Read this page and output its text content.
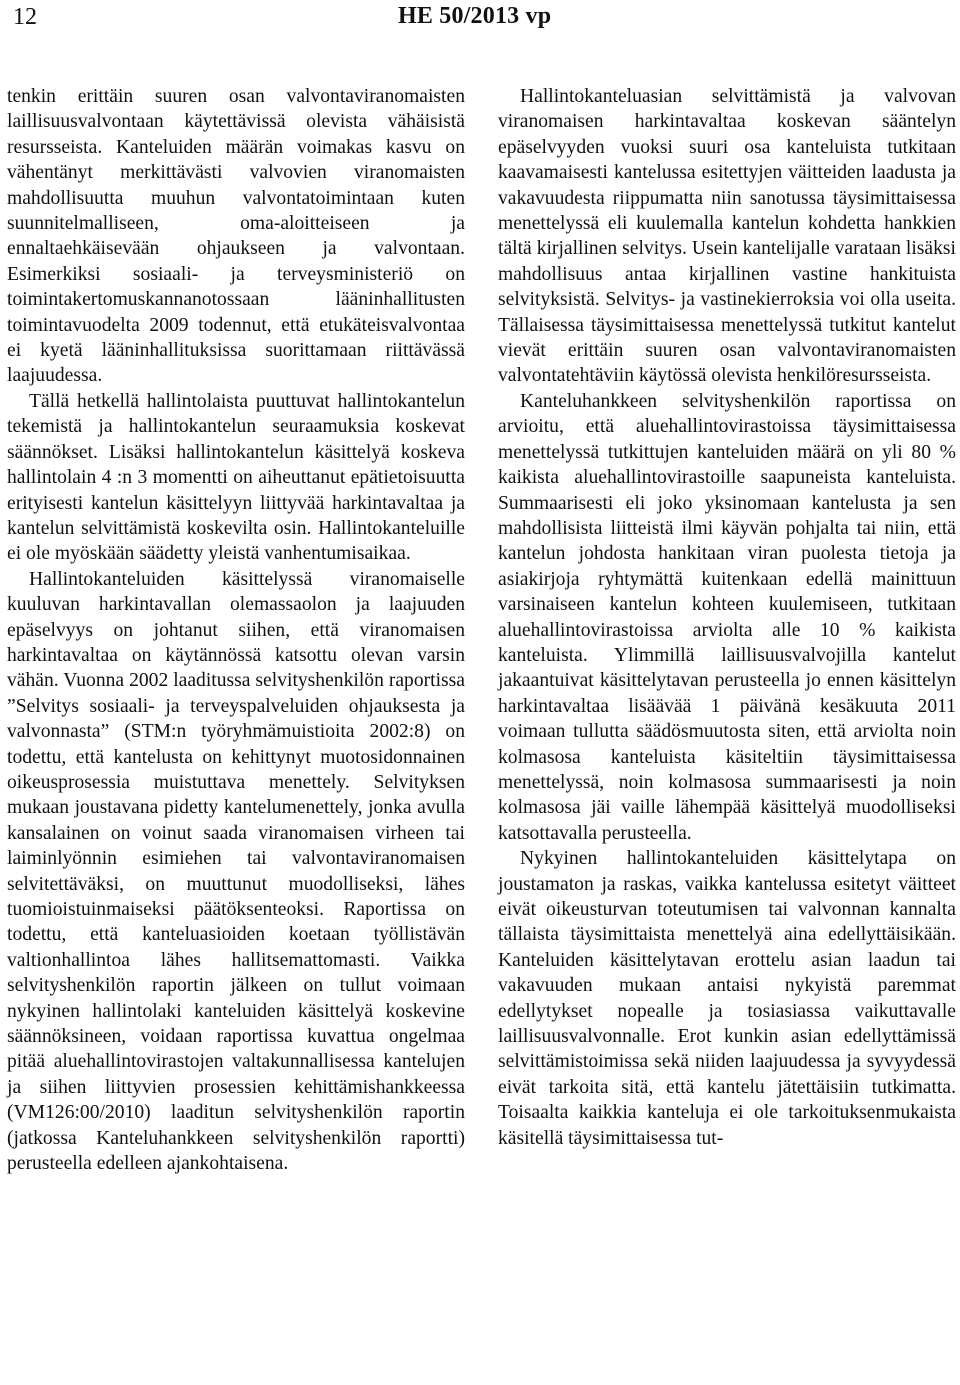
12	HE 50/2013 vp

tenkin erittäin suuren osan valvontaviranomaisten laillisuusvalvontaan käytettävissä olevista vähäisistä resursseista. Kanteluiden määrän voimakas kasvu on vähentänyt merkittävästi valvovien viranomaisten mahdollisuutta muuhun valvontatoimintaan kuten suunnitelmalliseen, oma-aloitteiseen ja ennaltaehkäisevään ohjaukseen ja valvontaan. Esimerkiksi sosiaali- ja terveysministeriö on toimintakertomuskannanotossaan lääninhallitusten toimintavuodelta 2009 todennut, että etukäteisvalvontaa ei kyetä lääninhallituksissa suorittamaan riittävässä laajuudessa.

Tällä hetkellä hallintolaista puuttuvat hallintokantelun tekemistä ja hallintokantelun seuraamuksia koskevat säännökset. Lisäksi hallintokantelun käsittelyä koskeva hallintolain 4 :n 3 momentti on aiheuttanut epätietoisuutta erityisesti kantelun käsittelyyn liittyvää harkintavaltaa ja kantelun selvittämistä koskevilta osin. Hallintokanteluille ei ole myöskään säädetty yleistä vanhentumisaikaa.

Hallintokanteluiden käsittelyssä viranomaiselle kuuluvan harkintavallan olemassaolon ja laajuuden epäselvyys on johtanut siihen, että viranomaisen harkintavaltaa on käytännössä katsottu olevan varsin vähän. Vuonna 2002 laaditussa selvityshenkilön raportissa ”Selvitys sosiaali- ja terveyspalveluiden ohjauksesta ja valvonnasta” (STM:n työryhmämuistioita 2002:8) on todettu, että kantelusta on kehittynyt muotosidonnainen oikeusprosessia muistuttava menettely. Selvityksen mukaan joustavana pidetty kantelumenettely, jonka avulla kansalainen on voinut saada viranomaisen virheen tai laiminlyönnin esimiehen tai valvontaviranomaisen selvitettäväksi, on muuttunut muodolliseksi, lähes tuomioistuinmaiseksi päätöksenteoksi. Raportissa on todettu, että kanteluasioiden koetaan työllistävän valtionhallintoa lähes hallitsemattomasti. Vaikka selvityshenkilön raportin jälkeen on tullut voimaan nykyinen hallintolaki kanteluiden käsittelyä koskevine säännöksineen, voidaan raportissa kuvattua ongelmaa pitää aluehallintovirastojen valtakunnallisessa kantelujen ja siihen liittyvien prosessien kehittämishankkeessa (VM126:00/2010) laaditun selvityshenkilön raportin (jatkossa Kanteluhankkeen selvityshenkilön raportti) perusteella edelleen ajankohtaisena.

Hallintokanteluasian selvittämistä ja valvovan viranomaisen harkintavaltaa koskevan sääntelyn epäselvyyden vuoksi suuri osa kanteluista tutkitaan kaavamaisesti kantelussa esitettyjen väitteiden laadusta ja vakavuudesta riippumatta niin sanotussa täysimittaisessa menettelyssä eli kuulemalla kantelun kohdetta hankkien tältä kirjallinen selvitys. Usein kantelijalle varataan lisäksi mahdollisuus antaa kirjallinen vastine hankituista selvityksistä. Selvitys- ja vastinekierroksia voi olla useita. Tällaisessa täysimittaisessa menettelyssä tutkitut kantelut vievät erittäin suuren osan valvontaviranomaisten valvontatehtäviin käytössä olevista henkilöresursseista.

Kanteluhankkeen selvityshenkilön raportissa on arvioitu, että aluehallintovirastoissa täysimittaisessa menettelyssä tutkittujen kanteluiden määrä on yli 80 % kaikista aluehallintovirastoille saapuneista kanteluista. Summaarisesti eli joko yksinomaan kantelusta ja sen mahdollisista liitteistä ilmi käyvän pohjalta tai niin, että kantelun johdosta hankitaan viran puolesta tietoja ja asiakirjoja ryhtymättä kuitenkaan edellä mainittuun varsinaiseen kantelun kohteen kuulemiseen, tutkitaan aluehallintovirastoissa arviolta alle 10 % kaikista kanteluista. Ylimmillä laillisuusvalvojilla kantelut jakaantuivat käsittelytavan perusteella jo ennen käsittelyn harkintavaltaa lisäävää 1 päivänä kesäkuuta 2011 voimaan tullutta säädösmuutosta siten, että arviolta noin kolmasosa kanteluista käsiteltiin täysimittaisessa menettelyssä, noin kolmasosa summaarisesti ja noin kolmasosa jäi vaille lähempää käsittelyä muodolliseksi katsottavalla perusteella.

Nykyinen hallintokanteluiden käsittelytapa on joustamaton ja raskas, vaikka kantelussa esitetyt väitteet eivät oikeusturvan toteutumisen tai valvonnan kannalta tällaista täysimittaista menettelyä aina edellyttäisikään. Kanteluiden käsittelytavan erottelu asian laadun tai vakavuuden mukaan antaisi nykyistä paremmat edellytykset nopealle ja tosiasiassa vaikuttavalle laillisuusvalvonnalle. Erot kunkin asian edellyttämissä selvittämistoimissa sekä niiden laajuudessa ja syvyydessä eivät tarkoita sitä, että kantelu jätettäisiin tutkimatta. Toisaalta kaikkia kanteluja ei ole tarkoituksenmukaista käsitellä täysimittaisessa tut-
